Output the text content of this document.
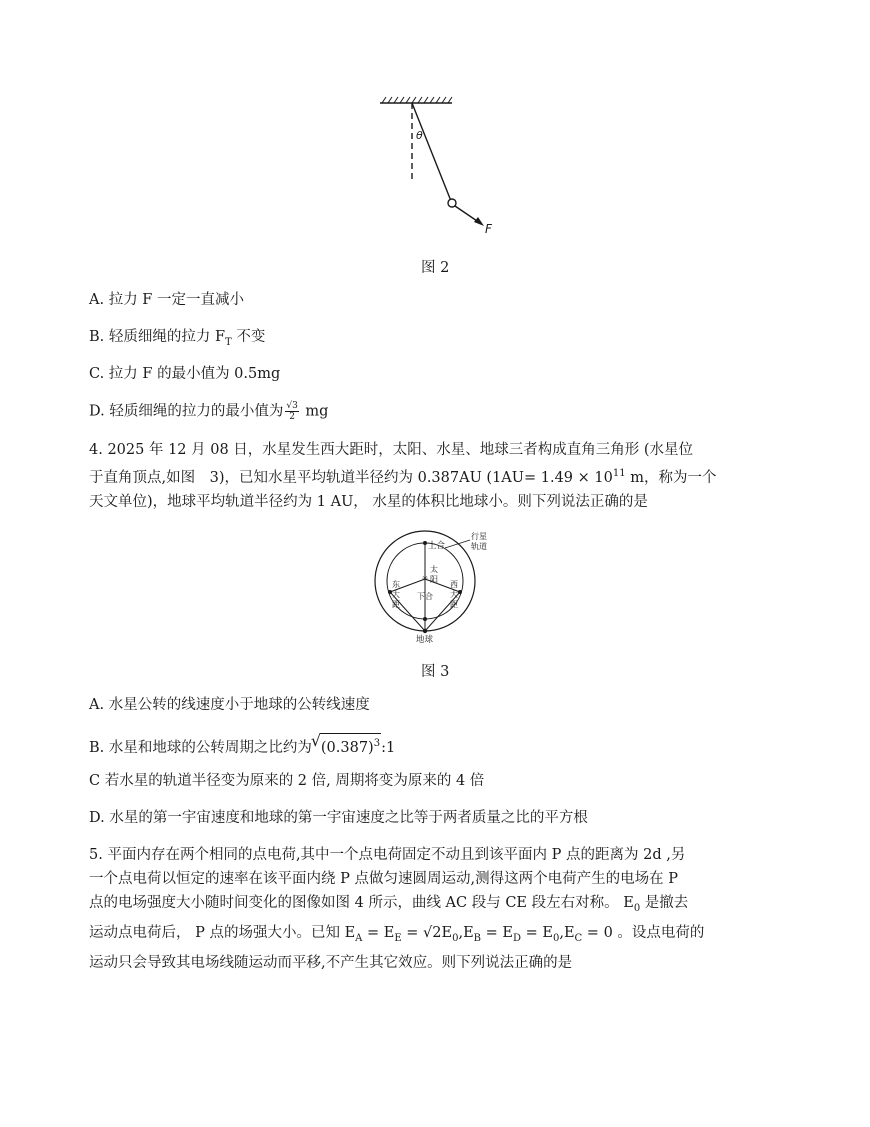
θ
F
图 2
A. 拉力 F 一定一直减小
B. 轻质细绳的拉力 $F_T$ 不变
C. 拉力 F 的最小值为 0.5mg
D. 轻质细绳的拉力的最小值为 $\frac{√3}{2}$ mg
4. 2025 年 12 月 08 日，水星发生西大距时，太阳、水星、地球三者构成直角三角形 (水星位
于直角顶点,如图　3)，已知水星平均轨道半径约为 0.387AU ($1AU= 1.49 \times 10^{11}$ m，称为一个
天文单位)，地球平均轨道半径约为 1 AU， 水星的体积比地球小。则下列说法正确的是
✳
上合
行星
轨道
太
阳
东
大
距
西
大
距
下合
地球
图 3
A. 水星公转的线速度小于地球的公转线速度
B. 水星和地球的公转周期之比约为 √ $(0.387)^3:1$
C 若水星的轨道半径变为原来的 2 倍, 周期将变为原来的 4 倍
D. 水星的第一宇宙速度和地球的第一宇宙速度之比等于两者质量之比的平方根
5. 平面内存在两个相同的点电荷,其中一个点电荷固定不动且到该平面内 P 点的距离为 2d ,另
一个点电荷以恒定的速率在该平面内绕 P 点做匀速圆周运动,测得这两个电荷产生的电场在 P
点的电场强度大小随时间变化的图像如图 4 所示，曲线 AC 段与 CE 段左右对称。 $E_0$ 是撤去
运动点电荷后， P 点的场强大小。已知 $E_A = E_E = √2E_0,E_B = E_D = E_0,E_C = 0$ 。设点电荷的
运动只会导致其电场线随运动而平移,不产生其它效应。则下列说法正确的是
